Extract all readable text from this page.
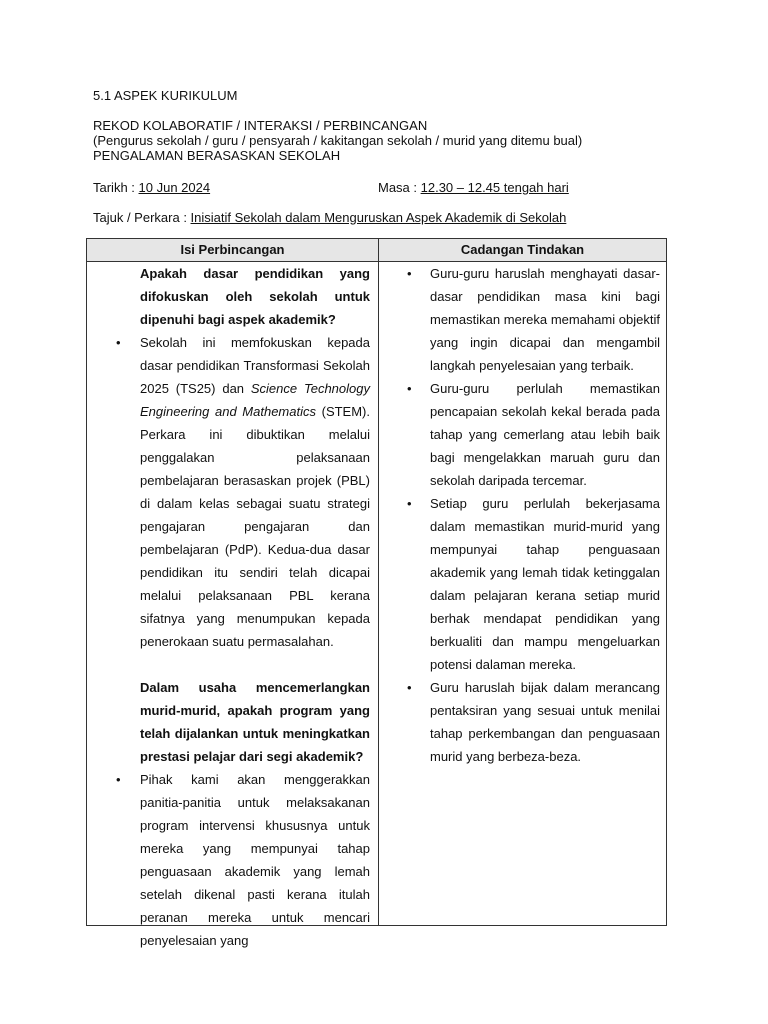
5.1 ASPEK KURIKULUM
REKOD KOLABORATIF / INTERAKSI / PERBINCANGAN
(Pengurus sekolah / guru / pensyarah / kakitangan sekolah / murid yang ditemu bual)
PENGALAMAN BERASASKAN SEKOLAH
Tarikh : 10 Jun 2024	Masa : 12.30 – 12.45 tengah hari
Tajuk / Perkara : Inisiatif Sekolah dalam Menguruskan Aspek Akademik di Sekolah
Isi Perbincangan	Cadangan Tindakan

Apakah dasar pendidikan yang difokuskan oleh sekolah untuk dipenuhi bagi aspek akademik?

• Sekolah ini memfokuskan kepada dasar pendidikan Transformasi Sekolah 2025 (TS25) dan Science Technology Engineering and Mathematics (STEM). Perkara ini dibuktikan melalui penggalakan pelaksanaan pembelajaran berasaskan projek (PBL) di dalam kelas sebagai suatu strategi pengajaran pengajaran dan pembelajaran (PdP). Kedua-dua dasar pendidikan itu sendiri telah dicapai melalui pelaksanaan PBL kerana sifatnya yang menumpukan kepada penerokaan suatu permasalahan.

Dalam usaha mencemerlangkan murid-murid, apakah program yang telah dijalankan untuk meningkatkan prestasi pelajar dari segi akademik?

• Pihak kami akan menggerakkan panitia-panitia untuk melaksakanan program intervensi khususnya untuk mereka yang mempunyai tahap penguasaan akademik yang lemah setelah dikenal pasti kerana itulah peranan mereka untuk mencari penyelesaian yang

• Guru-guru haruslah menghayati dasar-dasar pendidikan masa kini bagi memastikan mereka memahami objektif yang ingin dicapai dan mengambil langkah penyelesaian yang terbaik.

• Guru-guru perlulah memastikan pencapaian sekolah kekal berada pada tahap yang cemerlang atau lebih baik bagi mengelakkan maruah guru dan sekolah daripada tercemar.

• Setiap guru perlulah bekerjasama dalam memastikan murid-murid yang mempunyai tahap penguasaan akademik yang lemah tidak ketinggalan dalam pelajaran kerana setiap murid berhak mendapat pendidikan yang berkualiti dan mampu mengeluarkan potensi dalaman mereka.

• Guru haruslah bijak dalam merancang pentaksiran yang sesuai untuk menilai tahap perkembangan dan penguasaan murid yang berbeza-beza.
